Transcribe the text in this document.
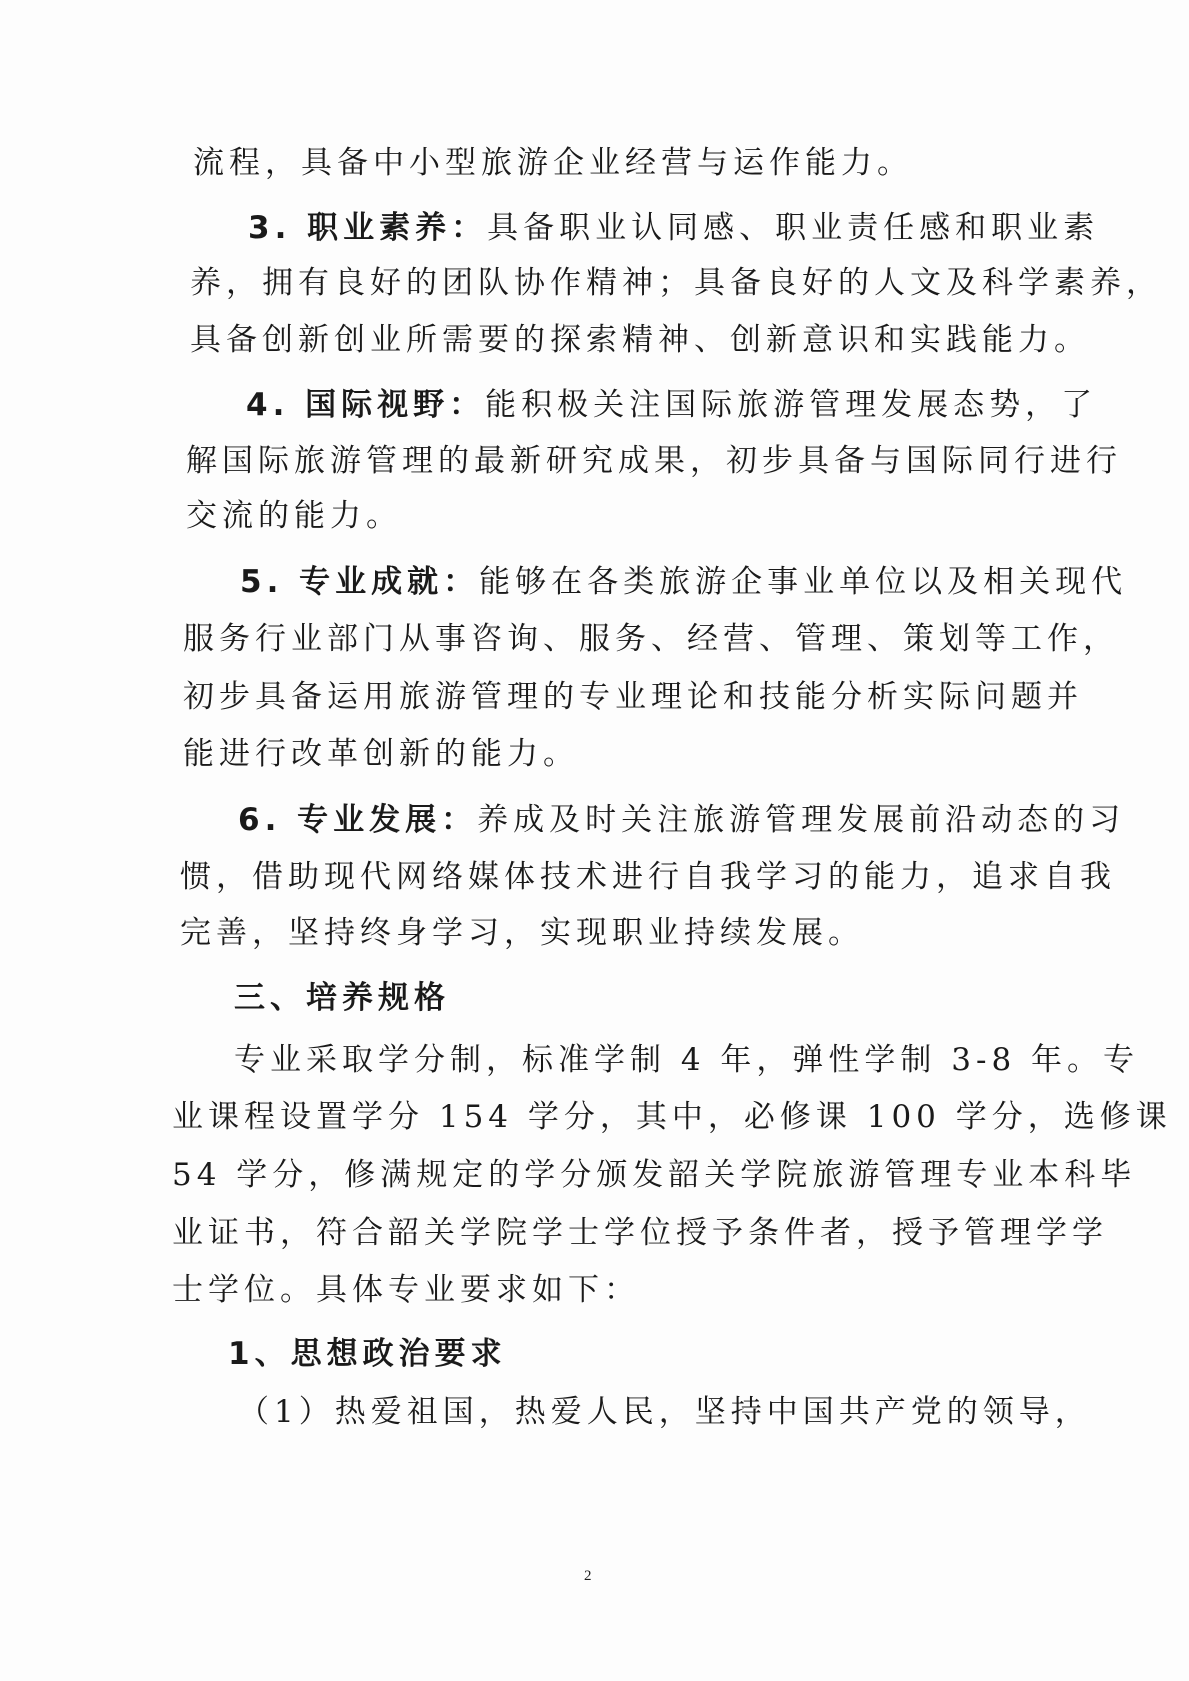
流程，具备中小型旅游企业经营与运作能力。
3. 职业素养：具备职业认同感、职业责任感和职业素
养，拥有良好的团队协作精神；具备良好的人文及科学素养，
具备创新创业所需要的探索精神、创新意识和实践能力。
4. 国际视野：能积极关注国际旅游管理发展态势，了
解国际旅游管理的最新研究成果，初步具备与国际同行进行
交流的能力。
5. 专业成就：能够在各类旅游企事业单位以及相关现代
服务行业部门从事咨询、服务、经营、管理、策划等工作，
初步具备运用旅游管理的专业理论和技能分析实际问题并
能进行改革创新的能力。
6. 专业发展：养成及时关注旅游管理发展前沿动态的习
惯，借助现代网络媒体技术进行自我学习的能力，追求自我
完善，坚持终身学习，实现职业持续发展。
三、培养规格
专业采取学分制，标准学制 4 年，弹性学制 3-8 年。专
业课程设置学分 154 学分，其中，必修课 100 学分，选修课
54 学分，修满规定的学分颁发韶关学院旅游管理专业本科毕
业证书，符合韶关学院学士学位授予条件者，授予管理学学
士学位。具体专业要求如下：
1、思想政治要求
（1）热爱祖国，热爱人民，坚持中国共产党的领导，
2
